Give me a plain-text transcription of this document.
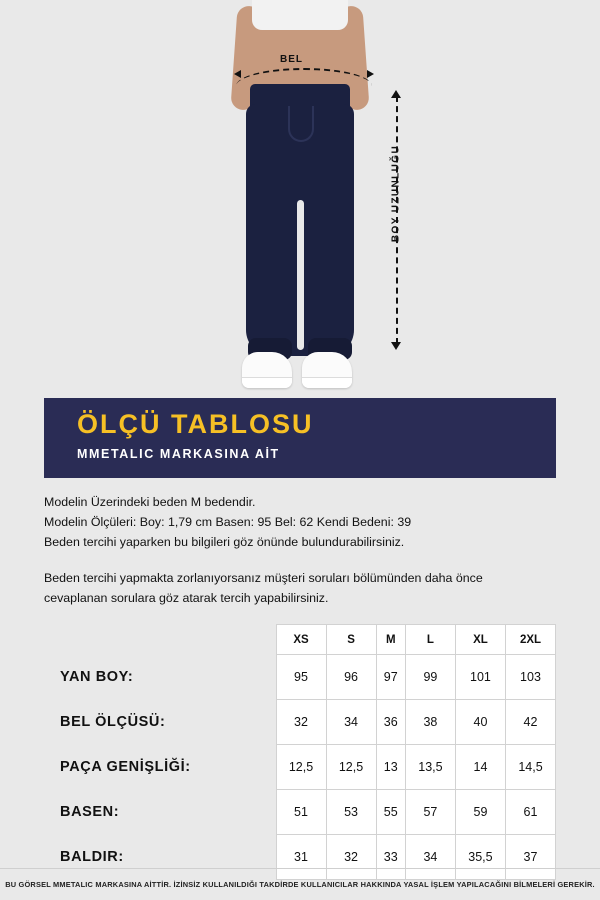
BEL
BOY UZUNLUĞU
ÖLÇÜ TABLOSU
MMETALIC MARKASINA AİT

Modelin Üzerindeki beden M bedendir.

Modelin Ölçüleri: Boy: 1,79 cm Basen: 95 Bel: 62 Kendi Bedeni: 39

Beden tercihi yaparken bu bilgileri göz önünde bulundurabilirsiniz.

Beden tercihi yapmakta zorlanıyorsanız müşteri soruları bölümünden daha önce

cevaplanan sorulara göz atarak tercih yapabilirsiniz.

	XS	S	M	L	XL	2XL
YAN BOY:	95	96	97	99	101	103
BEL ÖLÇÜSÜ:	32	34	36	38	40	42
PAÇA GENİŞLİĞİ:	12,5	12,5	13	13,5	14	14,5
BASEN:	51	53	55	57	59	61
BALDIR:	31	32	33	34	35,5	37
BU GÖRSEL MMETALIC MARKASINA AİTTİR. İZİNSİZ KULLANILDIĞI TAKDİRDE KULLANICILAR HAKKINDA YASAL İŞLEM YAPILACAĞINI BİLMELERİ GEREKİR.
